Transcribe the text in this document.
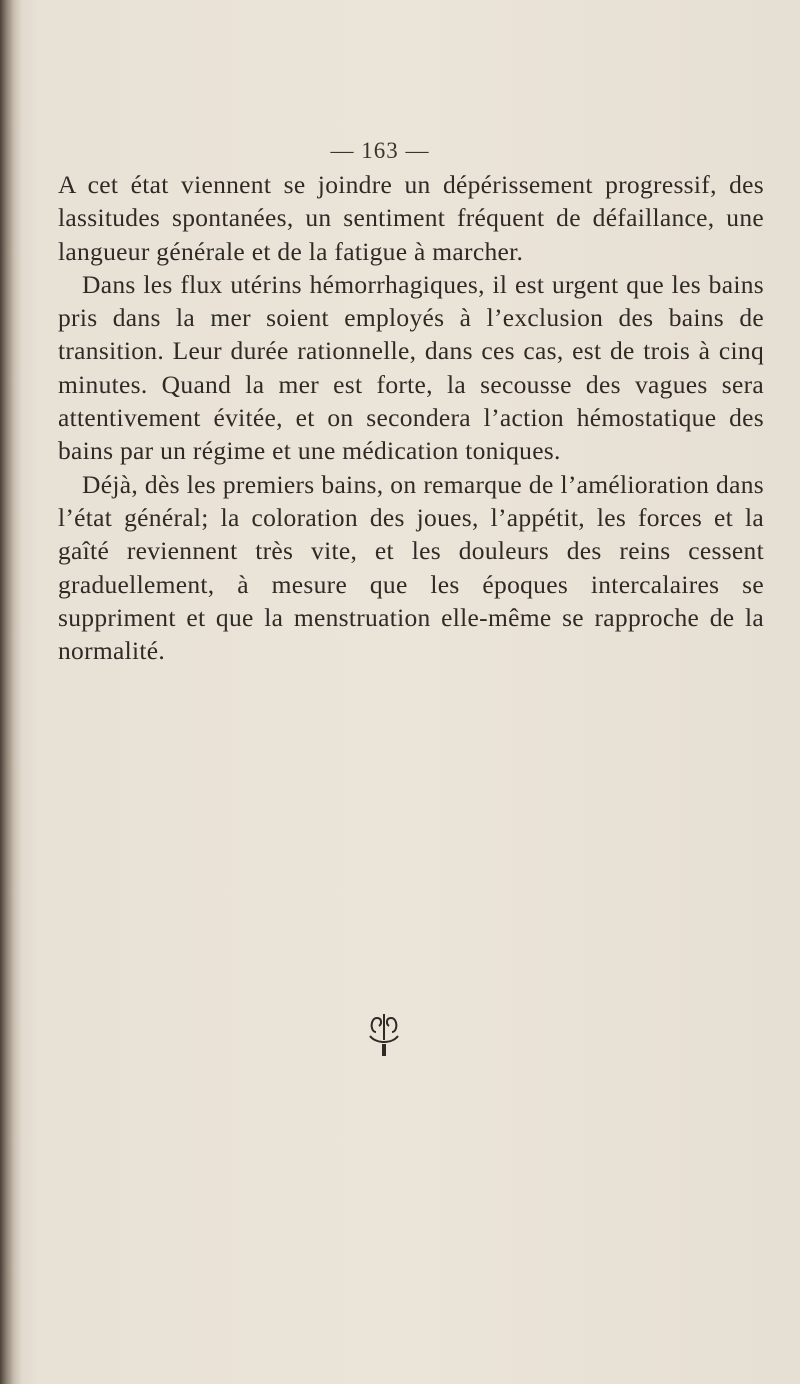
— 163 —

A cet état viennent se joindre un dépérissement progressif, des lassitudes spontanées, un sentiment fréquent de défaillance, une langueur générale et de la fatigue à marcher.

Dans les flux utérins hémorrhagiques, il est urgent que les bains pris dans la mer soient employés à l’exclusion des bains de transition. Leur durée rationnelle, dans ces cas, est de trois à cinq minutes. Quand la mer est forte, la secousse des vagues sera attentivement évitée, et on secondera l’action hémostatique des bains par un régime et une médication toniques.

Déjà, dès les premiers bains, on remarque de l’amélioration dans l’état général; la coloration des joues, l’appétit, les forces et la gaîté reviennent très vite, et les douleurs des reins cessent graduellement, à mesure que les époques intercalaires se suppriment et que la menstruation elle-même se rapproche de la normalité.
